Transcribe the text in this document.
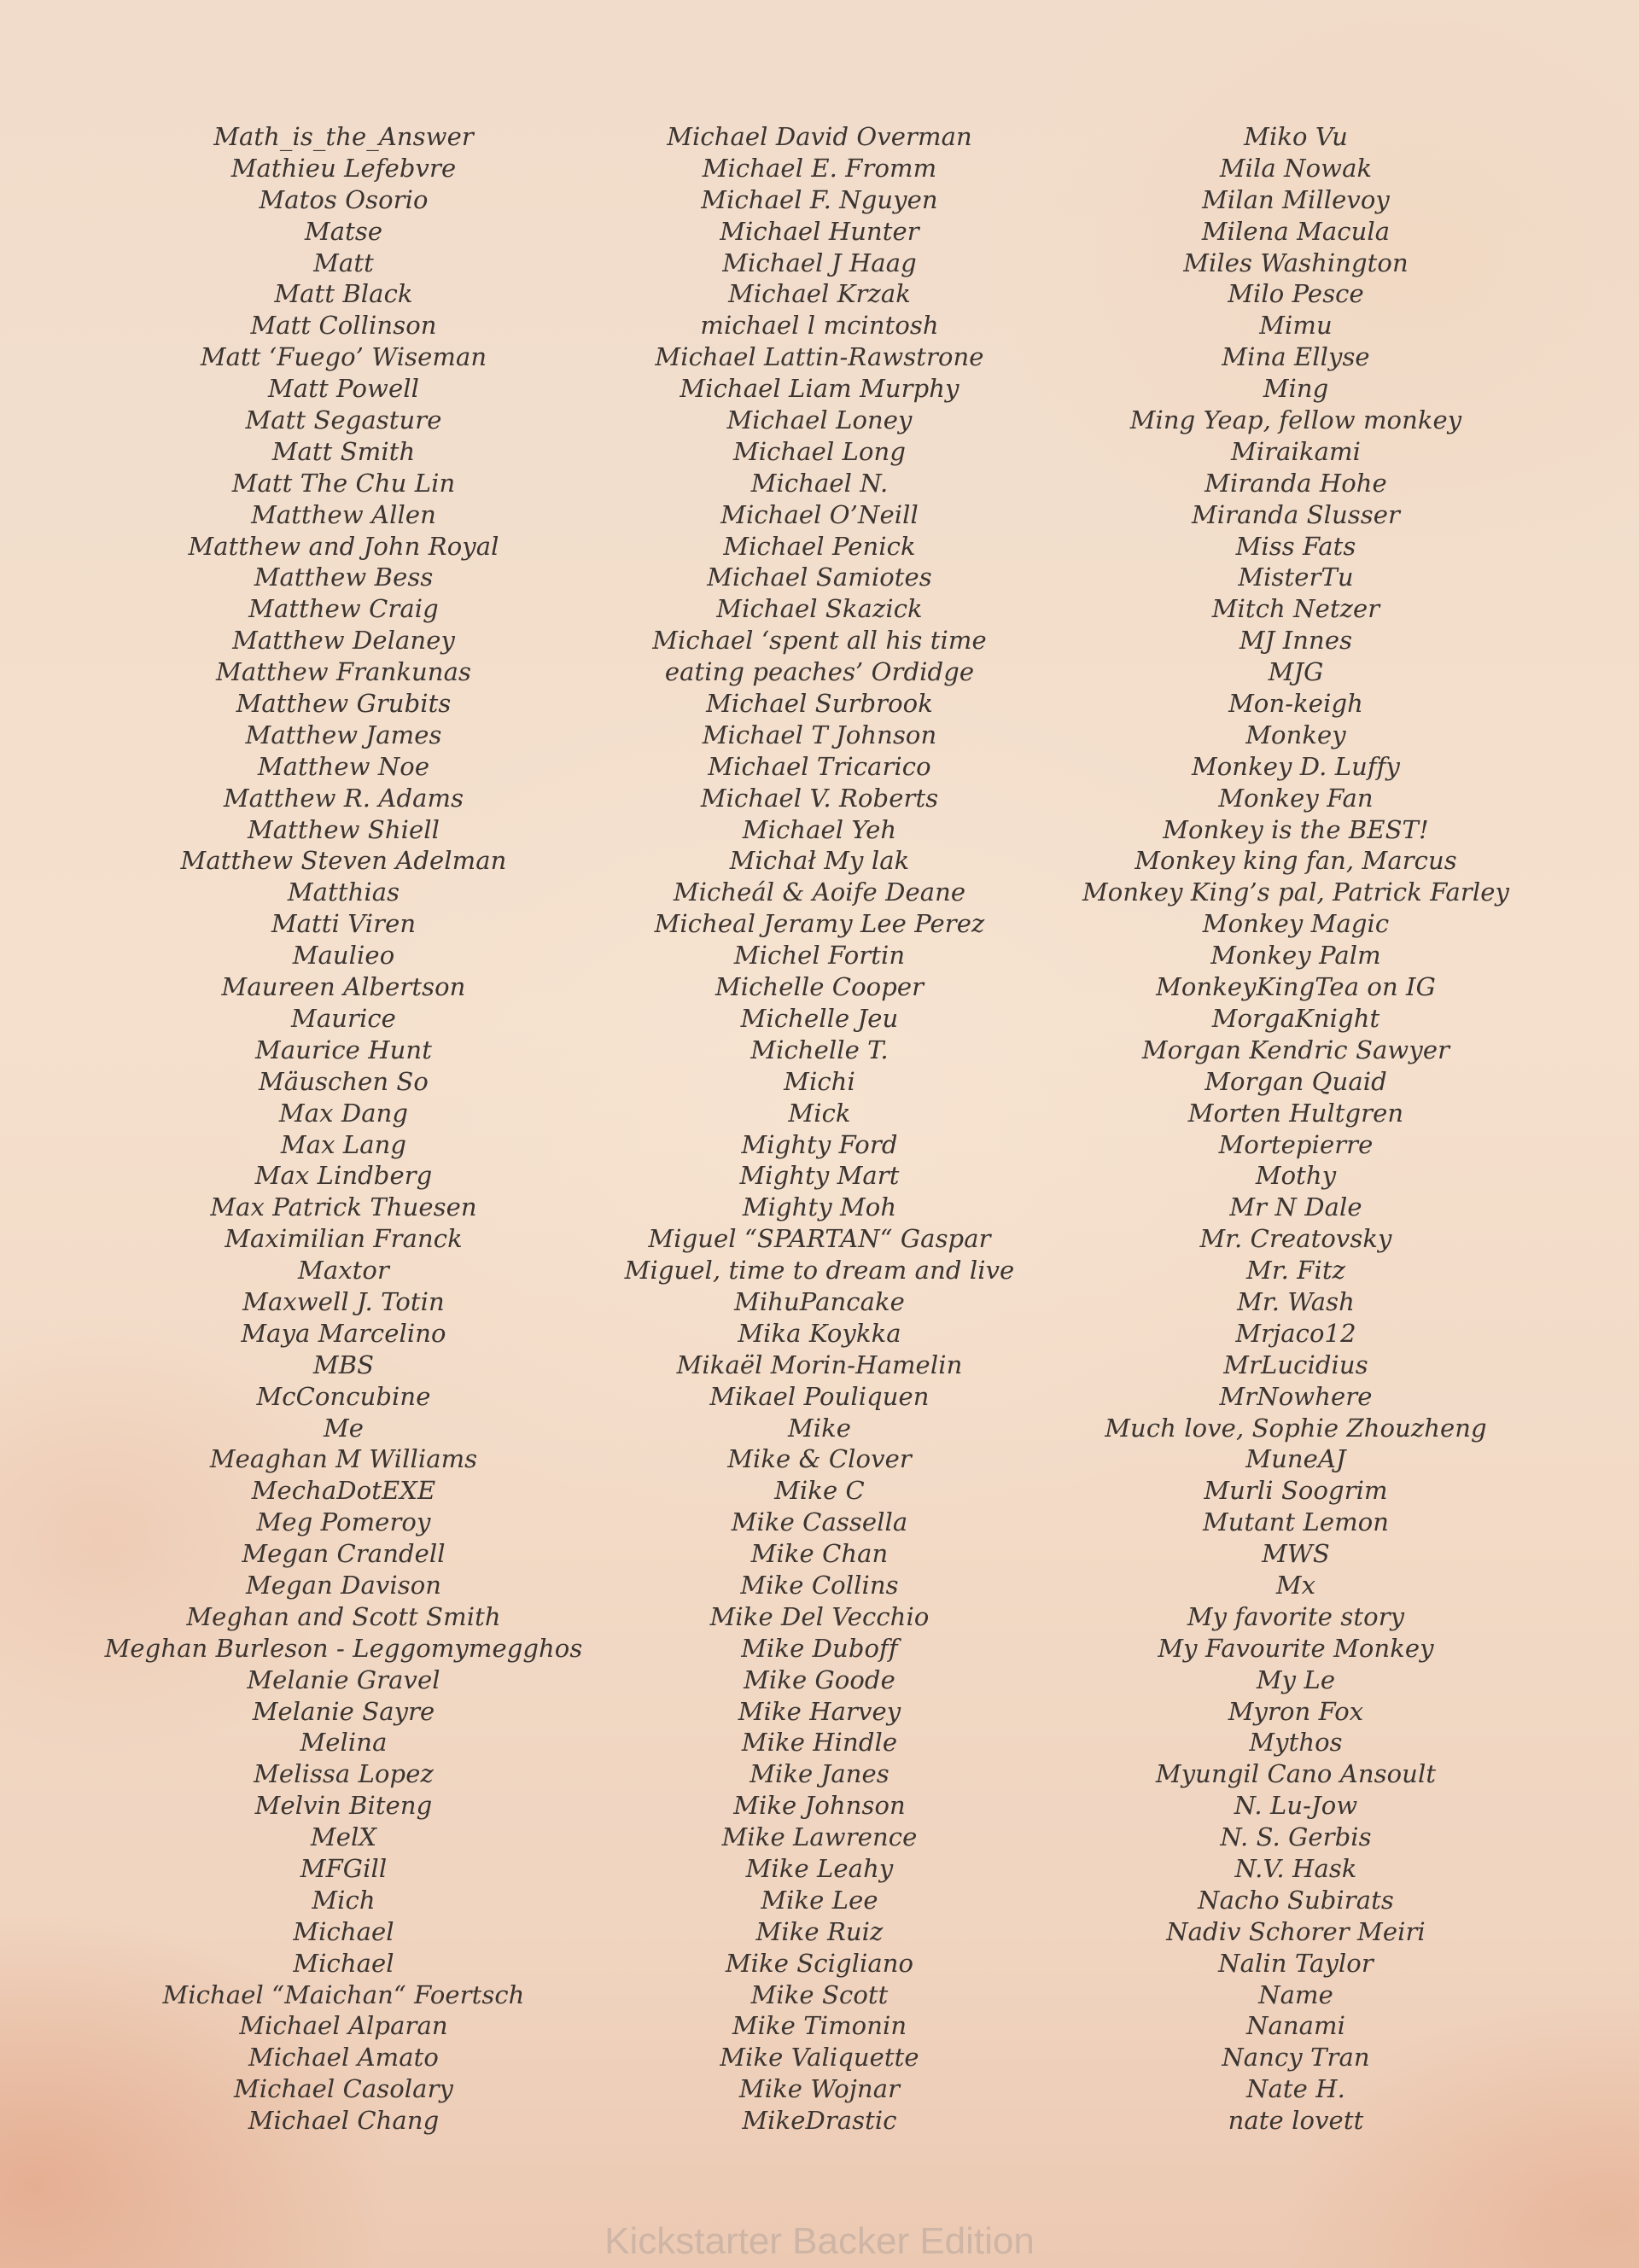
Math_is_the_Answer
Mathieu Lefebvre
Matos Osorio
Matse
Matt
Matt Black
Matt Collinson
Matt ‘Fuego’ Wiseman
Matt Powell
Matt Segasture
Matt Smith
Matt The Chu Lin
Matthew Allen
Matthew and John Royal
Matthew Bess
Matthew Craig
Matthew Delaney
Matthew Frankunas
Matthew Grubits
Matthew James
Matthew Noe
Matthew R. Adams
Matthew Shiell
Matthew Steven Adelman
Matthias
Matti Viren
Maulieo
Maureen Albertson
Maurice
Maurice Hunt
Mäuschen So
Max Dang
Max Lang
Max Lindberg
Max Patrick Thuesen
Maximilian Franck
Maxtor
Maxwell J. Totin
Maya Marcelino
MBS
McConcubine
Me
Meaghan M Williams
MechaDotEXE
Meg Pomeroy
Megan Crandell
Megan Davison
Meghan and Scott Smith
Meghan Burleson - Leggomymegghos
Melanie Gravel
Melanie Sayre
Melina
Melissa Lopez
Melvin Biteng
MelX
MFGill
Mich
Michael
Michael
Michael “Maichan“ Foertsch
Michael Alparan
Michael Amato
Michael Casolary
Michael Chang
Michael David Overman
Michael E. Fromm
Michael F. Nguyen
Michael Hunter
Michael J Haag
Michael Krzak
michael l mcintosh
Michael Lattin-Rawstrone
Michael Liam Murphy
Michael Loney
Michael Long
Michael N.
Michael O’Neill
Michael Penick
Michael Samiotes
Michael Skazick
Michael ‘spent all his time
eating peaches’ Ordidge
Michael Surbrook
Michael T Johnson
Michael Tricarico
Michael V. Roberts
Michael Yeh
Michał My lak
Micheál & Aoife Deane
Micheal Jeramy Lee Perez
Michel Fortin
Michelle Cooper
Michelle Jeu
Michelle T.
Michi
Mick
Mighty Ford
Mighty Mart
Mighty Moh
Miguel “SPARTAN“ Gaspar
Miguel, time to dream and live
MihuPancake
Mika Koykka
Mikaël Morin-Hamelin
Mikael Pouliquen
Mike
Mike & Clover
Mike C
Mike Cassella
Mike Chan
Mike Collins
Mike Del Vecchio
Mike Duboff
Mike Goode
Mike Harvey
Mike Hindle
Mike Janes
Mike Johnson
Mike Lawrence
Mike Leahy
Mike Lee
Mike Ruiz
Mike Scigliano
Mike Scott
Mike Timonin
Mike Valiquette
Mike Wojnar
MikeDrastic
Miko Vu
Mila Nowak
Milan Millevoy
Milena Macula
Miles Washington
Milo Pesce
Mimu
Mina Ellyse
Ming
Ming Yeap, fellow monkey
Miraikami
Miranda Hohe
Miranda Slusser
Miss Fats
MisterTu
Mitch Netzer
MJ Innes
MJG
Mon-keigh
Monkey
Monkey D. Luffy
Monkey Fan
Monkey is the BEST!
Monkey king fan, Marcus
Monkey King’s pal, Patrick Farley
Monkey Magic
Monkey Palm
MonkeyKingTea on IG
MorgaKnight
Morgan Kendric Sawyer
Morgan Quaid
Morten Hultgren
Mortepierre
Mothy
Mr N Dale
Mr. Creatovsky
Mr. Fitz
Mr. Wash
Mrjaco12
MrLucidius
MrNowhere
Much love, Sophie Zhouzheng
MuneAJ
Murli Soogrim
Mutant Lemon
MWS
Mx
My favorite story
My Favourite Monkey
My Le
Myron Fox
Mythos
Myungil Cano Ansoult
N. Lu-Jow
N. S. Gerbis
N.V. Hask
Nacho Subirats
Nadiv Schorer Meiri
Nalin Taylor
Name
Nanami
Nancy Tran
Nate H.
nate lovett
Kickstarter Backer Edition
